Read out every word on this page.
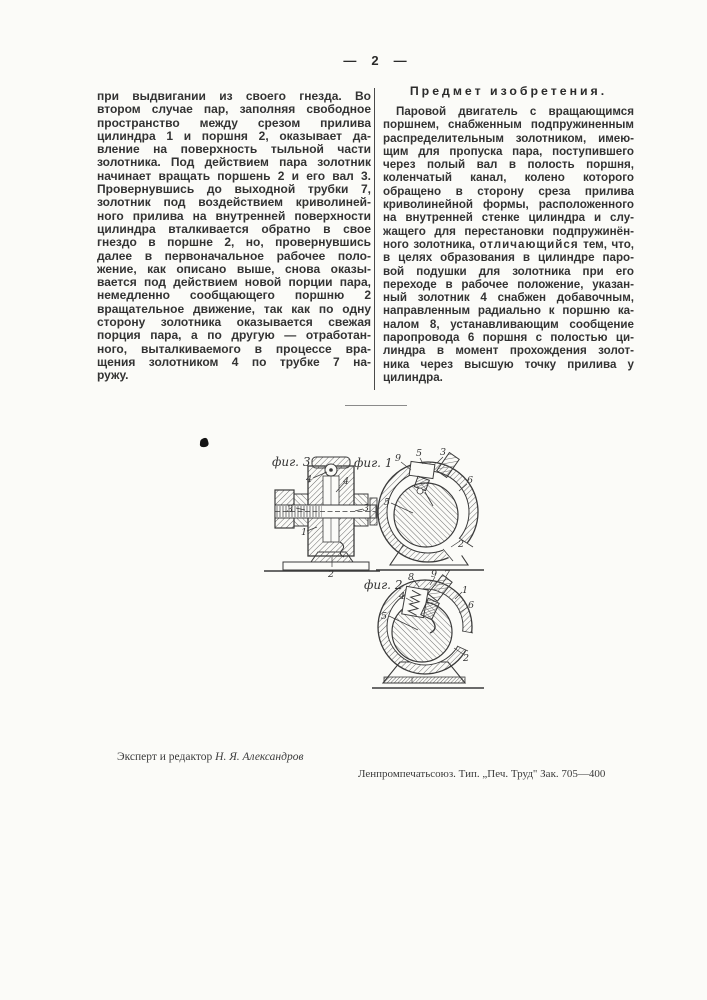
— 2 —
при выдвигании из своего гнезда. Во
втором случае пар, заполняя свободное
пространство между срезом прилива
цилиндра 1 и поршня 2, оказывает да-
вление на поверхность тыльной части
золотника. Под действием пара золотник
начинает вращать поршень 2 и его вал 3.
Провернувшись до выходной трубки 7,
золотник под воздействием криволиней-
ного прилива на внутренней поверхности
цилиндра вталкивается обратно в свое
гнездо в поршне 2, но, провернувшись
далее в первоначальное рабочее поло-
жение, как описано выше, снова оказы-
вается под действием новой порции пара,
немедленно сообщающего поршню 2
вращательное движение, так как по одну
сторону золотника оказывается свежая
порция пара, а по другую — отработан-
ного, выталкиваемого в процессе вра-
щения золотником 4 по трубке 7 на-
ружу.
Предмет изобретения.
Паровой двигатель с вращающимся
поршнем, снабженным подпружиненным
распределительным золотником, имею-
щим для пропуска пара, поступившего
через полый вал в полость поршня,
коленчатый канал, колено которого
обращено в сторону среза прилива
криволинейной формы, расположенного
на внутренней стенке цилиндра и слу-
жащего для перестановки подпружинён-
ного золотника, отличающийся тем, что,
в целях образования в цилиндре паро-
вой подушки для золотника при его
переходе в рабочее положение, указан-
ный золотник 4 снабжен добавочным,
направленным радиально к поршню ка-
налом 8, устанавливающим сообщение
паропровода 6 поршня с полостью ци-
линдра в момент прохождения золот-
ника через высшую точку прилива у
цилиндра.
фиг. 3
4	4
3	3
1
2
фиг. 1 9 5 3
6
5
2
фиг. 2
8 9 7
1
6
4
5
2
Эксперт и редактор Н. Я. Александров
Ленпромпечатьсоюз. Тип. „Печ. Труд" Зак. 705—400
